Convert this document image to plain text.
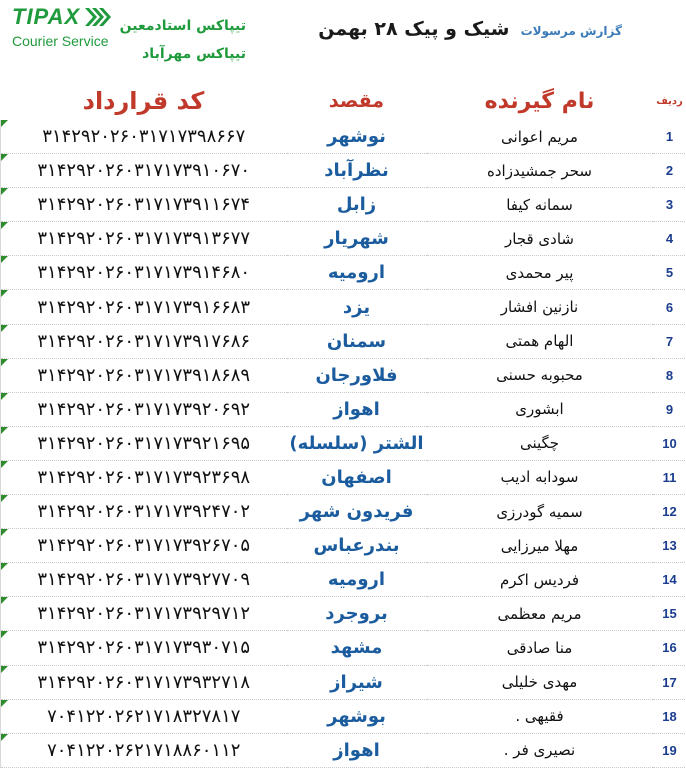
TIPAX
Courier Service
تیپاکس استادمعین
تیپاکس مهرآباد
گزارش مرسولات شیک و پیک ۲۸ بهمن
ردیف	نام گیرنده	مقصد	کد قرارداد
1	مریم اعوانی	نوشهر	۳۱۴۲۹۲۰۲۶۰۳۱۷۱۷۳۹۸۶۶۷
2	سحر جمشیدزاده	نظرآباد	۳۱۴۲۹۲۰۲۶۰۳۱۷۱۷۳۹۱۰۶۷۰
3	سمانه کیفا	زابل	۳۱۴۲۹۲۰۲۶۰۳۱۷۱۷۳۹۱۱۶۷۴
4	شادی قجار	شهریار	۳۱۴۲۹۲۰۲۶۰۳۱۷۱۷۳۹۱۳۶۷۷
5	پیر محمدی	ارومیه	۳۱۴۲۹۲۰۲۶۰۳۱۷۱۷۳۹۱۴۶۸۰
6	نازنین افشار	یزد	۳۱۴۲۹۲۰۲۶۰۳۱۷۱۷۳۹۱۶۶۸۳
7	الهام همتی	سمنان	۳۱۴۲۹۲۰۲۶۰۳۱۷۱۷۳۹۱۷۶۸۶
8	محبوبه حسنی	فلاورجان	۳۱۴۲۹۲۰۲۶۰۳۱۷۱۷۳۹۱۸۶۸۹
9	ابشوری	اهواز	۳۱۴۲۹۲۰۲۶۰۳۱۷۱۷۳۹۲۰۶۹۲
10	چگینی	الشتر (سلسله)	۳۱۴۲۹۲۰۲۶۰۳۱۷۱۷۳۹۲۱۶۹۵
11	سودابه ادیب	اصفهان	۳۱۴۲۹۲۰۲۶۰۳۱۷۱۷۳۹۲۳۶۹۸
12	سمیه گودرزی	فریدون شهر	۳۱۴۲۹۲۰۲۶۰۳۱۷۱۷۳۹۲۴۷۰۲
13	مهلا میرزایی	بندرعباس	۳۱۴۲۹۲۰۲۶۰۳۱۷۱۷۳۹۲۶۷۰۵
14	فردیس اکرم	ارومیه	۳۱۴۲۹۲۰۲۶۰۳۱۷۱۷۳۹۲۷۷۰۹
15	مریم معظمی	بروجرد	۳۱۴۲۹۲۰۲۶۰۳۱۷۱۷۳۹۲۹۷۱۲
16	منا صادقی	مشهد	۳۱۴۲۹۲۰۲۶۰۳۱۷۱۷۳۹۳۰۷۱۵
17	مهدی خلیلی	شیراز	۳۱۴۲۹۲۰۲۶۰۳۱۷۱۷۳۹۳۲۷۱۸
18	فقیهی .	بوشهر	۷۰۴۱۲۲۰۲۶۲۱۷۱۸۳۲۷۸۱۷
19	نصیری فر .	اهواز	۷۰۴۱۲۲۰۲۶۲۱۷۱۸۸۶۰۱۱۲
